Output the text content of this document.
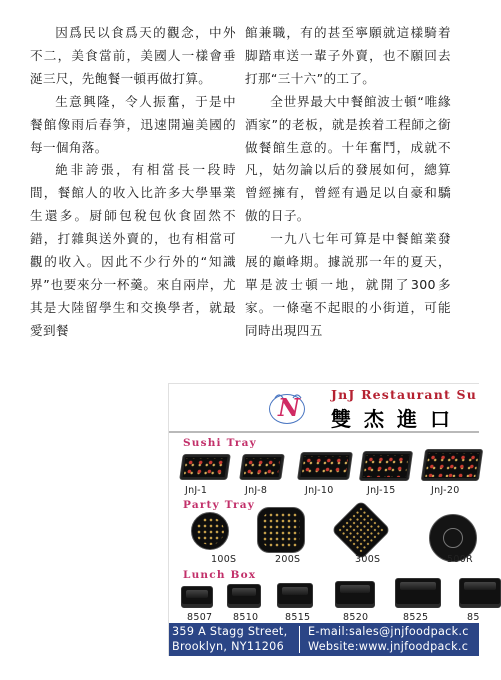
因爲民以食爲天的觀念，中外不二，美食當前，美國人一樣會垂涎三尺，先飽餐一頓再做打算。

生意興隆，令人振奮，于是中餐館像雨后春笋，迅速開遍美國的每一個角落。

絶非誇張，有相當長一段時間，餐館人的收入比許多大學畢業生還多。厨師包稅包伙食固然不錯，打雜與送外賣的，也有相當可觀的收入。因此不少行外的“知識界”也要來分一杯羹。來自兩岸，尤其是大陸留學生和交換學者，就最愛到餐

館兼職，有的甚至寧願就這樣騎着脚踏車送一輩子外賣，也不願回去打那“三十六”的工了。

全世界最大中餐館波士頓“唯緣酒家”的老板，就是挨着工程師之銜做餐館生意的。十年奮鬥，成就不凡，姑勿論以后的發展如何，總算曾經擁有，曾經有過足以自豪和驕傲的日子。

一九八七年可算是中餐館業發展的巔峰期。據説那一年的夏天，單是波士頓一地，就開了300多家。一條毫不起眼的小街道，可能同時出現四五

N JnJ Restaurant Su
雙杰進口
Sushi Tray
JnJ-1	JnJ-8	JnJ-10	JnJ-15	JnJ-20
Party Tray
100S	200S	300S	500R
Lunch Box
8507 8510	8515	8520	8525	85
359 A Stagg Street,
Brooklyn, NY11206
E-mail:sales@jnjfoodpack.c
Website:www.jnjfoodpack.c
